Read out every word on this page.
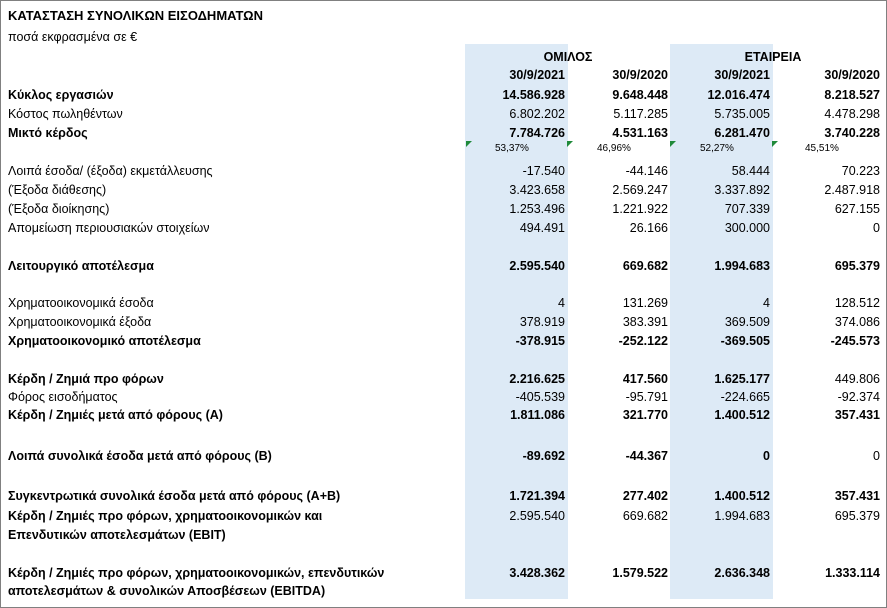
ΚΑΤΑΣΤΑΣΗ ΣΥΝΟΛΙΚΩΝ ΕΙΣΟΔΗΜΑΤΩΝ
ποσά εκφρασμένα σε €
ΟΜΙΛΟΣ	ΕΤΑΙΡΕΙΑ
30/9/2021	30/9/2020	30/9/2021	30/9/2020
Κύκλος εργασιών	14.586.928	9.648.448	12.016.474	8.218.527
Κόστος πωληθέντων	6.802.202	5.117.285	5.735.005	4.478.298
Μικτό κέρδος	7.784.726	4.531.163	6.281.470	3.740.228
53,37%	46,96%	52,27%	45,51%
Λοιπά έσοδα/ (έξοδα) εκμετάλλευσης	-17.540	-44.146	58.444	70.223
(Έξοδα διάθεσης)	3.423.658	2.569.247	3.337.892	2.487.918
(Έξοδα διοίκησης)	1.253.496	1.221.922	707.339	627.155
Απομείωση περιουσιακών στοιχείων	494.491	26.166	300.000	0
Λειτουργικό αποτέλεσμα	2.595.540	669.682	1.994.683	695.379
Χρηματοοικονομικά έσοδα	4	131.269	4	128.512
Χρηματοοικονομικά έξοδα	378.919	383.391	369.509	374.086
Χρηματοοικονομικό αποτέλεσμα	-378.915	-252.122	-369.505	-245.573
Κέρδη / Ζημιά προ φόρων	2.216.625	417.560	1.625.177	449.806
Φόρος εισοδήματος	-405.539	-95.791	-224.665	-92.374
Κέρδη / Ζημιές μετά από φόρους (Α)	1.811.086	321.770	1.400.512	357.431
Λοιπά συνολικά έσοδα μετά από φόρους (Β)	-89.692	-44.367	0	0
Συγκεντρωτικά συνολικά έσοδα μετά από φόρους (Α+Β)	1.721.394	277.402	1.400.512	357.431
Κέρδη / Ζημιές προ φόρων, χρηματοοικονομικών και
Επενδυτικών αποτελεσμάτων (EBIT)
2.595.540	669.682	1.994.683	695.379
Κέρδη / Ζημιές προ φόρων, χρηματοοικονομικών, επενδυτικών
αποτελεσμάτων & συνολικών Αποσβέσεων (EBITDA)
3.428.362	1.579.522	2.636.348	1.333.114
